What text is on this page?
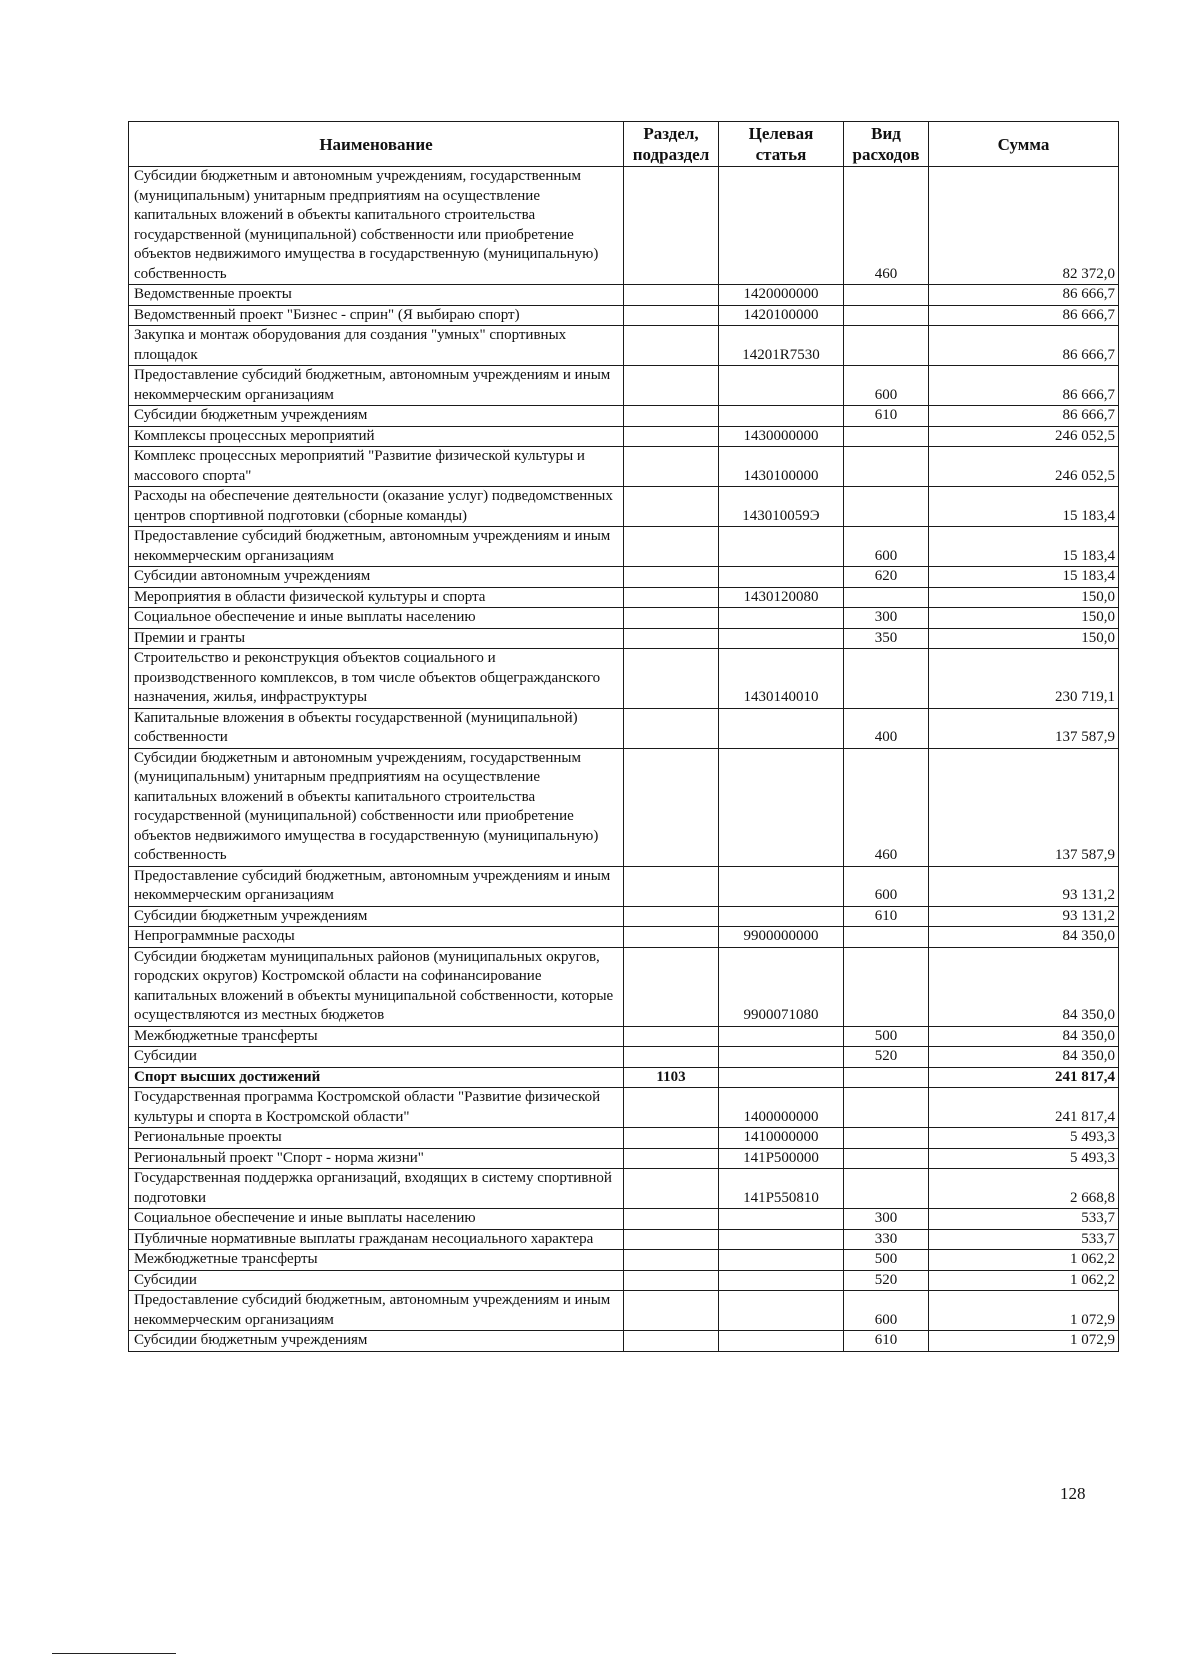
Наименование	Раздел, подраздел	Целевая статья	Вид расходов	Сумма
Субсидии бюджетным и автономным учреждениям, государственным (муниципальным) унитарным предприятиям на осуществление капитальных вложений в объекты капитального строительства государственной (муниципальной) собственности или приобретение объектов недвижимого имущества в государственную (муниципальную) собственность			460	82 372,0
Ведомственные проекты		1420000000		86 666,7
Ведомственный проект "Бизнес - сприн" (Я выбираю спорт)		1420100000		86 666,7
Закупка и монтаж оборудования для создания "умных" спортивных площадок		14201R7530		86 666,7
Предоставление субсидий бюджетным, автономным учреждениям и иным некоммерческим организациям			600	86 666,7
Субсидии бюджетным учреждениям			610	86 666,7
Комплексы процессных мероприятий		1430000000		246 052,5
Комплекс процессных мероприятий "Развитие физической культуры и массового спорта"		1430100000		246 052,5
Расходы на обеспечение деятельности (оказание услуг) подведомственных центров спортивной подготовки (сборные команды)		143010059Э		15 183,4
Предоставление субсидий бюджетным, автономным учреждениям и иным некоммерческим организациям			600	15 183,4
Субсидии автономным учреждениям			620	15 183,4
Мероприятия в области физической культуры и спорта		1430120080		150,0
Социальное обеспечение и иные выплаты населению			300	150,0
Премии и гранты			350	150,0
Строительство и реконструкция объектов социального и производственного комплексов, в том числе объектов общегражданского назначения, жилья, инфраструктуры		1430140010		230 719,1
Капитальные вложения в объекты государственной (муниципальной) собственности			400	137 587,9
Субсидии бюджетным и автономным учреждениям, государственным (муниципальным) унитарным предприятиям на осуществление капитальных вложений в объекты капитального строительства государственной (муниципальной) собственности или приобретение объектов недвижимого имущества в государственную (муниципальную) собственность			460	137 587,9
Предоставление субсидий бюджетным, автономным учреждениям и иным некоммерческим организациям			600	93 131,2
Субсидии бюджетным учреждениям			610	93 131,2
Непрограммные расходы		9900000000		84 350,0
Субсидии бюджетам муниципальных районов (муниципальных округов, городских округов) Костромской области на софинансирование капитальных вложений в объекты муниципальной собственности, которые осуществляются из местных бюджетов		9900071080		84 350,0
Межбюджетные трансферты			500	84 350,0
Субсидии			520	84 350,0
Спорт высших достижений	1103			241 817,4
Государственная программа Костромской области "Развитие физической культуры и спорта в Костромской области"		1400000000		241 817,4
Региональные проекты		1410000000		5 493,3
Региональный проект "Спорт - норма жизни"		141P500000		5 493,3
Государственная поддержка организаций, входящих в систему спортивной подготовки		141P550810		2 668,8
Социальное обеспечение и иные выплаты населению			300	533,7
Публичные нормативные выплаты гражданам несоциального характера			330	533,7
Межбюджетные трансферты			500	1 062,2
Субсидии			520	1 062,2
Предоставление субсидий бюджетным, автономным учреждениям и иным некоммерческим организациям			600	1 072,9
Субсидии бюджетным учреждениям			610	1 072,9
128
